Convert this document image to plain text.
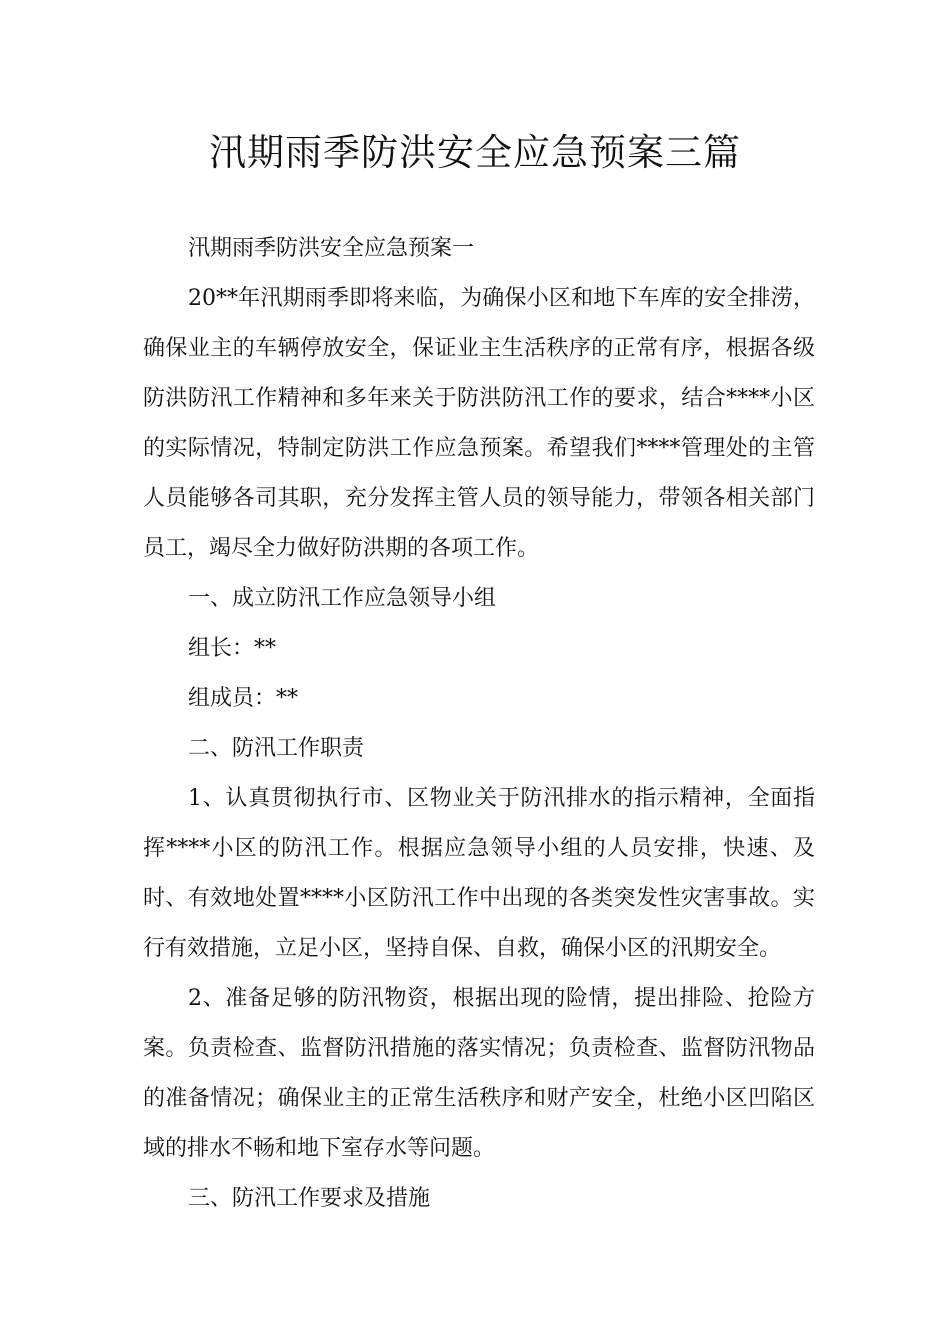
汛期雨季防洪安全应急预案三篇

汛期雨季防洪安全应急预案一

20**年汛期雨季即将来临，为确保小区和地下车库的安全排涝，确保业主的车辆停放安全，保证业主生活秩序的正常有序，根据各级防洪防汛工作精神和多年来关于防洪防汛工作的要求，结合****小区的实际情况，特制定防洪工作应急预案。希望我们****管理处的主管人员能够各司其职，充分发挥主管人员的领导能力，带领各相关部门员工，竭尽全力做好防洪期的各项工作。

一、成立防汛工作应急领导小组

组长：**

组成员：**

二、防汛工作职责

1、认真贯彻执行市、区物业关于防汛排水的指示精神，全面指挥****小区的防汛工作。根据应急领导小组的人员安排，快速、及时、有效地处置****小区防汛工作中出现的各类突发性灾害事故。实行有效措施，立足小区，坚持自保、自救，确保小区的汛期安全。

2、准备足够的防汛物资，根据出现的险情，提出排险、抢险方案。负责检查、监督防汛措施的落实情况；负责检查、监督防汛物品的准备情况；确保业主的正常生活秩序和财产安全，杜绝小区凹陷区域的排水不畅和地下室存水等问题。

三、防汛工作要求及措施
